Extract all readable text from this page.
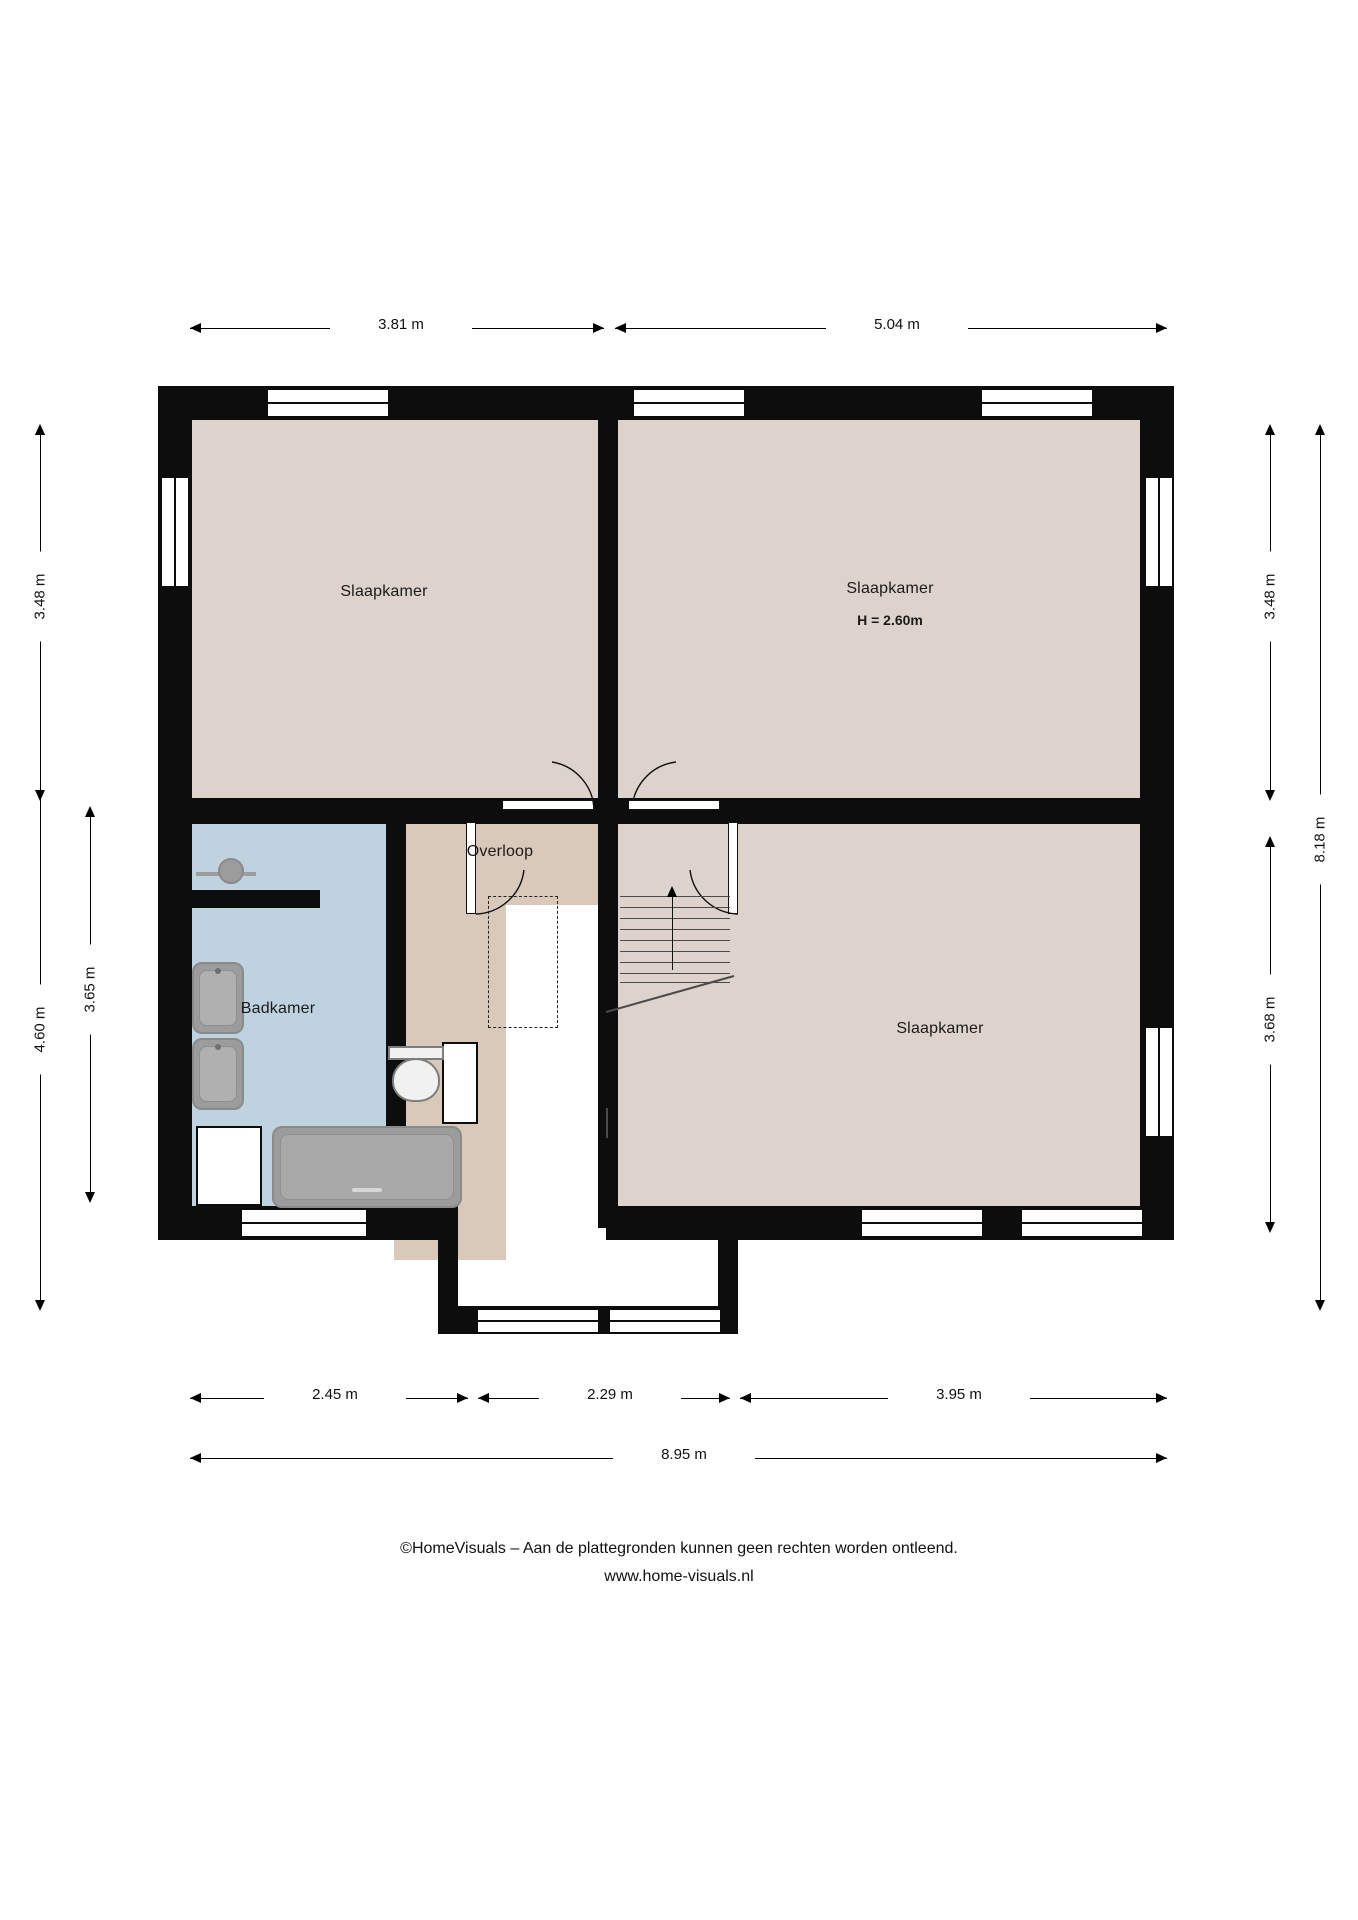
3.81 m	5.04 m
4.60 m
3.48 m
3.65 m
3.48 m
3.68 m
8.18 m
Slaapkamer	Slaapkamer
H = 2.60m
Slaapkamer
Badkamer
Overloop
2.45 m	2.29 m	3.95 m
8.95 m
©HomeVisuals – Aan de plattegronden kunnen geen rechten worden ontleend.
www.home-visuals.nl
